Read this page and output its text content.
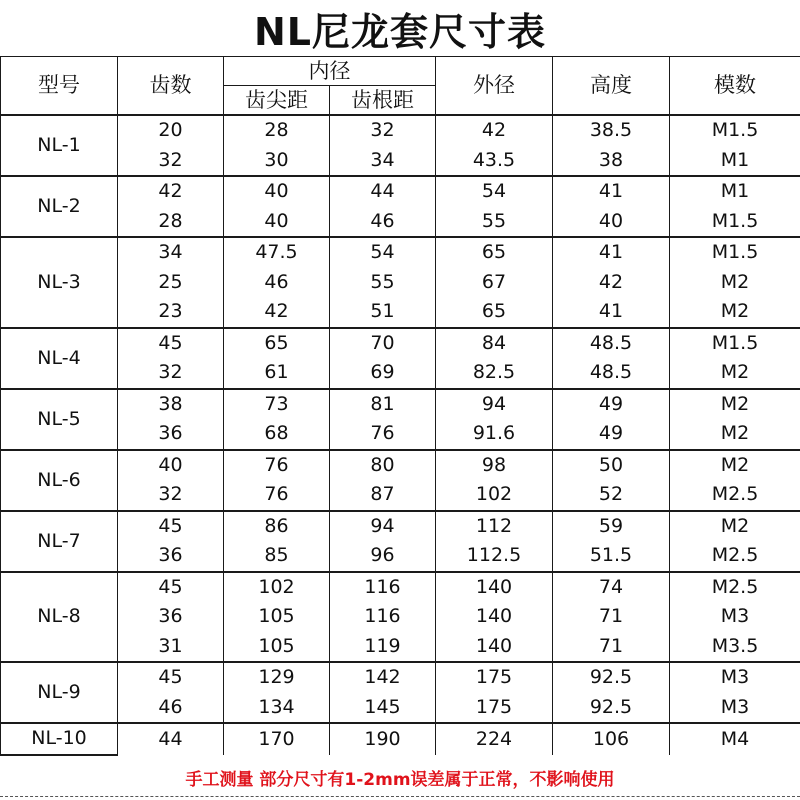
NL尼龙套尺寸表
型号	齿数	内径		外径	高度	模数
		齿尖距	齿根距			
NL-1	20	28	32	42	38.5	M1.5
	32	30	34	43.5	38	M1
NL-2	42	40	44	54	41	M1
	28	40	46	55	40	M1.5
NL-3	34	47.5	54	65	41	M1.5
	25	46	55	67	42	M2
	23	42	51	65	41	M2
NL-4	45	65	70	84	48.5	M1.5
	32	61	69	82.5	48.5	M2
NL-5	38	73	81	94	49	M2
	36	68	76	91.6	49	M2
NL-6	40	76	80	98	50	M2
	32	76	87	102	52	M2.5
NL-7	45	86	94	112	59	M2
	36	85	96	112.5	51.5	M2.5
NL-8	45	102	116	140	74	M2.5
	36	105	116	140	71	M3
	31	105	119	140	71	M3.5
NL-9	45	129	142	175	92.5	M3
	46	134	145	175	92.5	M3
NL-10	44	170	190	224	106	M4
手工测量 部分尺寸有1-2mm误差属于正常，不影响使用
